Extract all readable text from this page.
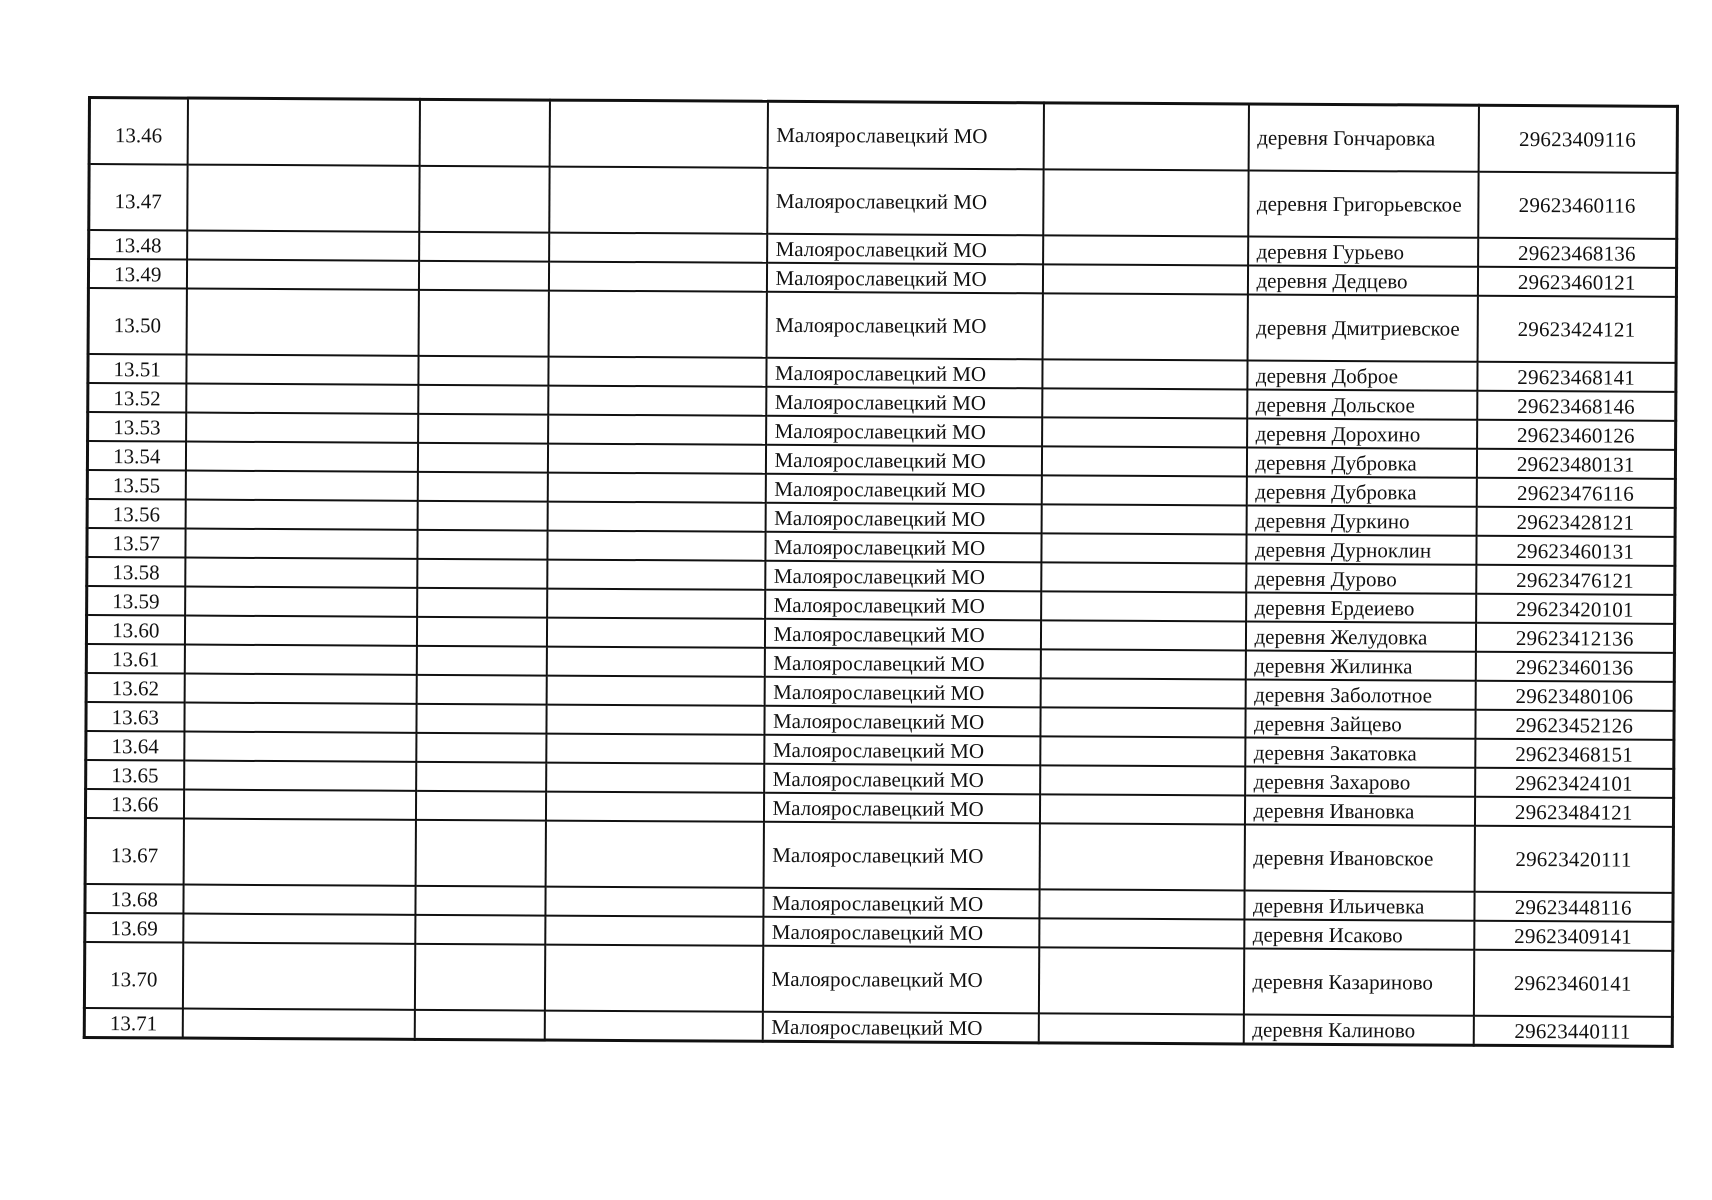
13.46				Малоярославецкий МО		деревня Гончаровка	29623409116
13.47				Малоярославецкий МО		деревня Григорьевское	29623460116
13.48				Малоярославецкий МО		деревня Гурьево	29623468136
13.49				Малоярославецкий МО		деревня Дедцево	29623460121
13.50				Малоярославецкий МО		деревня Дмитриевское	29623424121
13.51				Малоярославецкий МО		деревня Доброе	29623468141
13.52				Малоярославецкий МО		деревня Дольское	29623468146
13.53				Малоярославецкий МО		деревня Дорохино	29623460126
13.54				Малоярославецкий МО		деревня Дубровка	29623480131
13.55				Малоярославецкий МО		деревня Дубровка	29623476116
13.56				Малоярославецкий МО		деревня Дуркино	29623428121
13.57				Малоярославецкий МО		деревня Дурноклин	29623460131
13.58				Малоярославецкий МО		деревня Дурово	29623476121
13.59				Малоярославецкий МО		деревня Ердеиево	29623420101
13.60				Малоярославецкий МО		деревня Желудовка	29623412136
13.61				Малоярославецкий МО		деревня Жилинка	29623460136
13.62				Малоярославецкий МО		деревня Заболотное	29623480106
13.63				Малоярославецкий МО		деревня Зайцево	29623452126
13.64				Малоярославецкий МО		деревня Закатовка	29623468151
13.65				Малоярославецкий МО		деревня Захарово	29623424101
13.66				Малоярославецкий МО		деревня Ивановка	29623484121
13.67				Малоярославецкий МО		деревня Ивановское	29623420111
13.68				Малоярославецкий МО		деревня Ильичевка	29623448116
13.69				Малоярославецкий МО		деревня Исаково	29623409141
13.70				Малоярославецкий МО		деревня Казариново	29623460141
13.71				Малоярославецкий МО		деревня Калиново	29623440111
